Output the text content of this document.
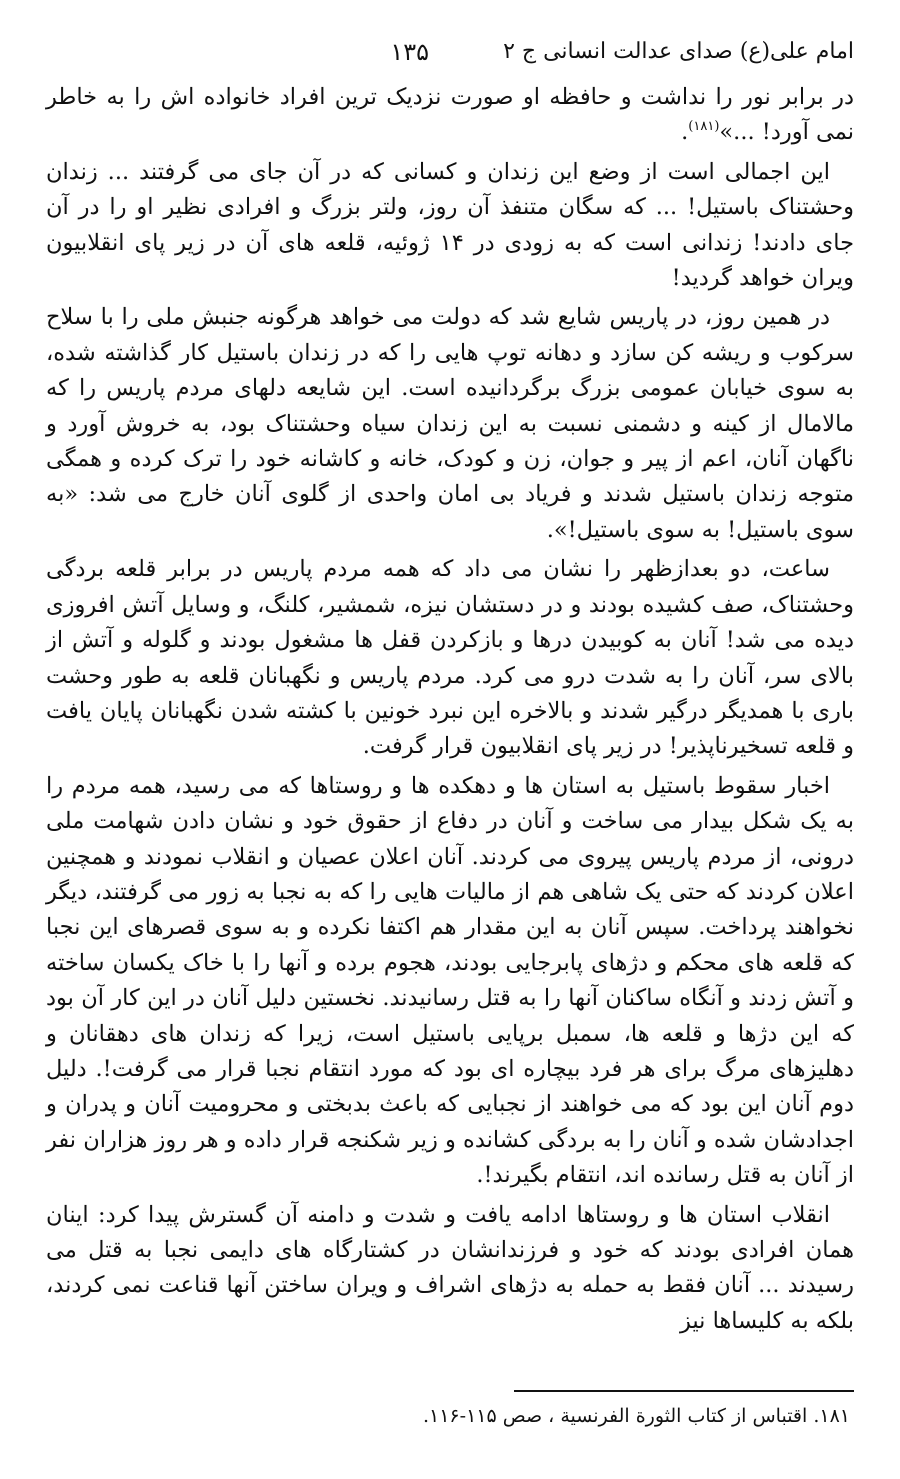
امام علی(ع) صدای عدالت انسانی ج ۲
۱۳۵

در برابر نور را نداشت و حافظه او صورت نزدیک ترین افراد خانواده اش را به خاطر نمی آورد! ...»$^{(۱۸۱)}$.

این اجمالی است از وضع این زندان و کسانی که در آن جای می گرفتند ... زندان وحشتناک باستیل! ... که سگان متنفذ آن روز، ولتر بزرگ و افرادی نظیر او را در آن جای دادند! زندانی است که به زودی در ۱۴ ژوئیه، قلعه های آن در زیر پای انقلابیون ویران خواهد گردید!

در همین روز، در پاریس شایع شد که دولت می خواهد هرگونه جنبش ملی را با سلاح سرکوب و ریشه کن سازد و دهانه توپ هایی را که در زندان باستیل کار گذاشته شده، به سوی خیابان عمومی بزرگ برگردانیده است. این شایعه دلهای مردم پاریس را که مالامال از کینه و دشمنی نسبت به این زندان سیاه وحشتناک بود، به خروش آورد و ناگهان آنان، اعم از پیر و جوان، زن و کودک، خانه و کاشانه خود را ترک کرده و همگی متوجه زندان باستیل شدند و فریاد بی امان واحدی از گلوی آنان خارج می شد: «به سوی باستیل! به سوی باستیل!».

ساعت، دو بعدازظهر را نشان می داد که همه مردم پاریس در برابر قلعه بردگی وحشتناک، صف کشیده بودند و در دستشان نیزه، شمشیر، کلنگ، و وسایل آتش افروزی دیده می شد! آنان به کوبیدن درها و بازکردن قفل ها مشغول بودند و گلوله و آتش از بالای سر، آنان را به شدت درو می کرد. مردم پاریس و نگهبانان قلعه به طور وحشت باری با همدیگر درگیر شدند و بالاخره این نبرد خونین با کشته شدن نگهبانان پایان یافت و قلعه تسخیرناپذیر! در زیر پای انقلابیون قرار گرفت.

اخبار سقوط باستیل به استان ها و دهکده ها و روستاها که می رسید، همه مردم را به یک شکل بیدار می ساخت و آنان در دفاع از حقوق خود و نشان دادن شهامت ملی درونی، از مردم پاریس پیروی می کردند. آنان اعلان عصیان و انقلاب نمودند و همچنین اعلان کردند که حتی یک شاهی هم از مالیات هایی را که به نجبا به زور می گرفتند، دیگر نخواهند پرداخت. سپس آنان به این مقدار هم اکتفا نکرده و به سوی قصرهای این نجبا که قلعه های محکم و دژهای پابرجایی بودند، هجوم برده و آنها را با خاک یکسان ساخته و آتش زدند و آنگاه ساکنان آنها را به قتل رسانیدند. نخستین دلیل آنان در این کار آن بود که این دژها و قلعه ها، سمبل برپایی باستیل است، زیرا که زندان های دهقانان و دهلیزهای مرگ برای هر فرد بیچاره ای بود که مورد انتقام نجبا قرار می گرفت!. دلیل دوم آنان این بود که می خواهند از نجبایی که باعث بدبختی و محرومیت آنان و پدران و اجدادشان شده و آنان را به بردگی کشانده و زیر شکنجه قرار داده و هر روز هزاران نفر از آنان به قتل رسانده اند، انتقام بگیرند!.

انقلاب استان ها و روستاها ادامه یافت و شدت و دامنه آن گسترش پیدا کرد: اینان همان افرادی بودند که خود و فرزندانشان در کشتارگاه های دایمی نجبا به قتل می رسیدند ... آنان فقط به حمله به دژهای اشراف و ویران ساختن آنها قناعت نمی کردند، بلکه به کلیساها نیز

۱۸۱. اقتباس از کتاب الثورة الفرنسیة ، صص ۱۱۵-۱۱۶.
